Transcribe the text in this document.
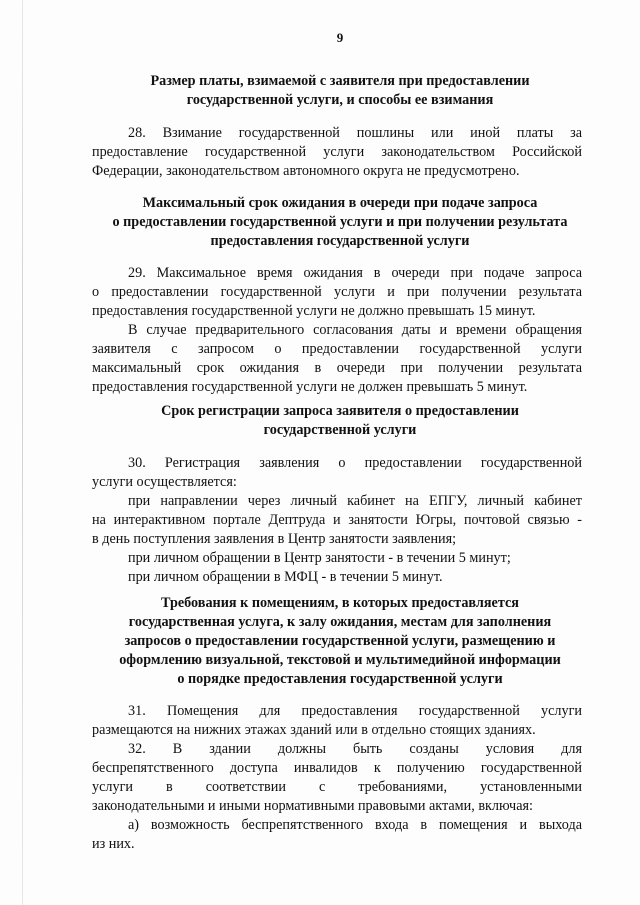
9
Размер платы, взимаемой с заявителя при предоставлении
государственной услуги, и способы ее взимания
28. Взимание государственной пошлины или иной платы за
предоставление государственной услуги законодательством Российской
Федерации, законодательством автономного округа не предусмотрено.
Максимальный срок ожидания в очереди при подаче запроса
о предоставлении государственной услуги и при получении результата
предоставления государственной услуги
29. Максимальное время ожидания в очереди при подаче запроса
о предоставлении государственной услуги и при получении результата
предоставления государственной услуги не должно превышать 15 минут.
В случае предварительного согласования даты и времени обращения
заявителя с запросом о предоставлении государственной услуги
максимальный срок ожидания в очереди при получении результата
предоставления государственной услуги не должен превышать 5 минут.
Срок регистрации запроса заявителя о предоставлении
государственной услуги
30. Регистрация заявления о предоставлении государственной
услуги осуществляется:
при направлении через личный кабинет на ЕПГУ, личный кабинет
на интерактивном портале Дептруда и занятости Югры, почтовой связью -
в день поступления заявления в Центр занятости заявления;
при личном обращении в Центр занятости - в течении 5 минут;
при личном обращении в МФЦ - в течении 5 минут.
Требования к помещениям, в которых предоставляется
государственная услуга, к залу ожидания, местам для заполнения
запросов о предоставлении государственной услуги, размещению и
оформлению визуальной, текстовой и мультимедийной информации
о порядке предоставления государственной услуги
31. Помещения для предоставления государственной услуги
размещаются на нижних этажах зданий или в отдельно стоящих зданиях.
32. В здании должны быть созданы условия для
беспрепятственного доступа инвалидов к получению государственной
услуги в соответствии с требованиями, установленными
законодательными и иными нормативными правовыми актами, включая:
а) возможность беспрепятственного входа в помещения и выхода
из них.
